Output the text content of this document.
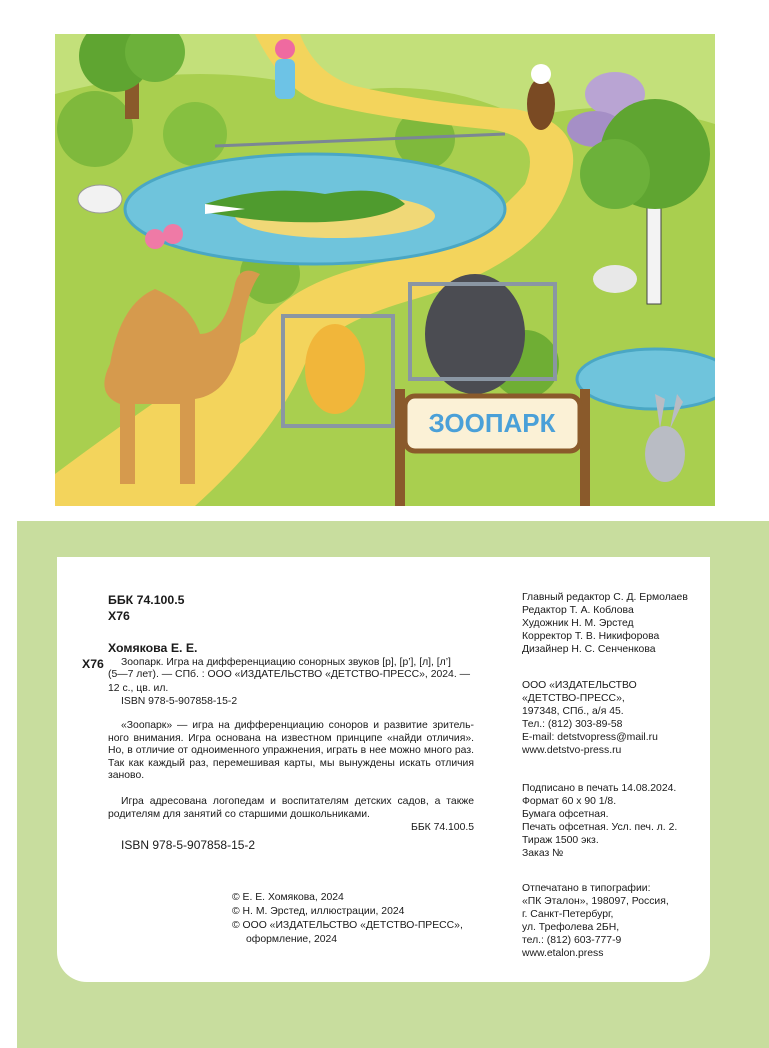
ЗООПАРК

ББК 74.100.5

Х76

Хомякова Е. Е.

Х76 Зоопарк. Игра на дифференциацию сонорных звуков [р], [р’], [л], [л’]

(5—7 лет). — СПб. : ООО «ИЗДАТЕЛЬСТВО «ДЕТСТВО-ПРЕСС», 2024. —

12 с., цв. ил.

ISBN 978-5-907858-15-2

«Зоопарк» — игра на дифференциацию соноров и развитие зрительного внимания. Игра основана на известном принципе «найди отличия». Но, в отличие от одноименного упражнения, играть в нее можно много раз. Так как каждый раз, перемешивая карты, мы вынуждены искать отличия заново.

Игра адресована логопедам и воспитателям детских садов, а также родителям для занятий со старшими дошкольниками.

ББК 74.100.5

ISBN 978-5-907858-15-2

© Е. Е. Хомякова, 2024

© Н. М. Эрстед, иллюстрации, 2024

© ООО «ИЗДАТЕЛЬСТВО «ДЕТСТВО-ПРЕСС»,

оформление, 2024

Главный редактор С. Д. Ермолаев

Редактор Т. А. Коблова

Художник Н. М. Эрстед

Корректор Т. В. Никифорова

Дизайнер Н. С. Сенченкова

ООО «ИЗДАТЕЛЬСТВО

«ДЕТСТВО-ПРЕСС»,

197348, СПб., а/я 45.

Тел.: (812) 303-89-58

E-mail: detstvopress@mail.ru

www.detstvo-press.ru

Подписано в печать 14.08.2024.

Формат 60 х 90 1/8.

Бумага офсетная.

Печать офсетная. Усл. печ. л. 2.

Тираж 1500 экз.

Заказ №

Отпечатано в типографии:

«ПК Эталон», 198097, Россия,

г. Санкт-Петербург,

ул. Трефолева 2БН,

тел.: (812) 603-777-9

www.etalon.press
